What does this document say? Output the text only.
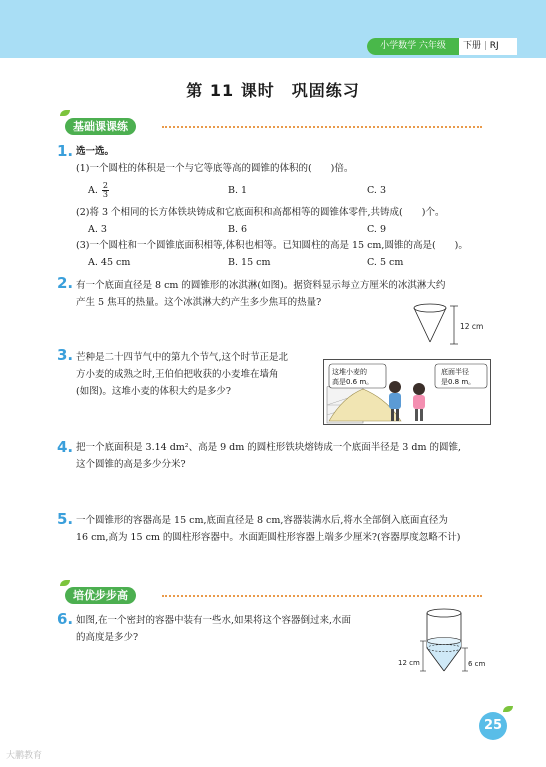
小学数学 六年级	下册 | RJ
第 11 课时　巩固练习
基础课课练
1. 选一选。
(1)一个圆柱的体积是一个与它等底等高的圆锥的体积的(　　)倍。
A. $\frac{2}{3}$	B. 1	C. 3
(2)将 3 个相同的长方体铁块铸成和它底面积和高都相等的圆锥体零件,共铸成(　　)个。
A. 3	B. 6	C. 9
(3)一个圆柱和一个圆锥底面积相等,体积也相等。已知圆柱的高是 15 cm,圆锥的高是(　　)。
A. 45 cm	B. 15 cm	C. 5 cm
2. 有一个底面直径是 8 cm 的圆锥形的冰淇淋(如图)。据资料显示每立方厘米的冰淇淋大约
产生 5 焦耳的热量。这个冰淇淋大约产生多少焦耳的热量?
12 cm
3. 芒种是二十四节气中的第九个节气,这个时节正是北
方小麦的成熟之时,王伯伯把收获的小麦堆在墙角
(如图)。这堆小麦的体积大约是多少?
这堆小麦的
高是0.6 m。
底面半径
是0.8 m。
4. 把一个底面积是 3.14 dm²、高是 9 dm 的圆柱形铁块熔铸成一个底面半径是 3 dm 的圆锥,
这个圆锥的高是多少分米?
5. 一个圆锥形的容器高是 15 cm,底面直径是 8 cm,容器装满水后,将水全部倒入底面直径为
16 cm,高为 15 cm 的圆柱形容器中。水面距圆柱形容器上端多少厘米?(容器厚度忽略不计)
培优步步高
6. 如图,在一个密封的容器中装有一些水,如果将这个容器倒过来,水面
的高度是多少?
12 cm	6 cm
25
大鹏教育
